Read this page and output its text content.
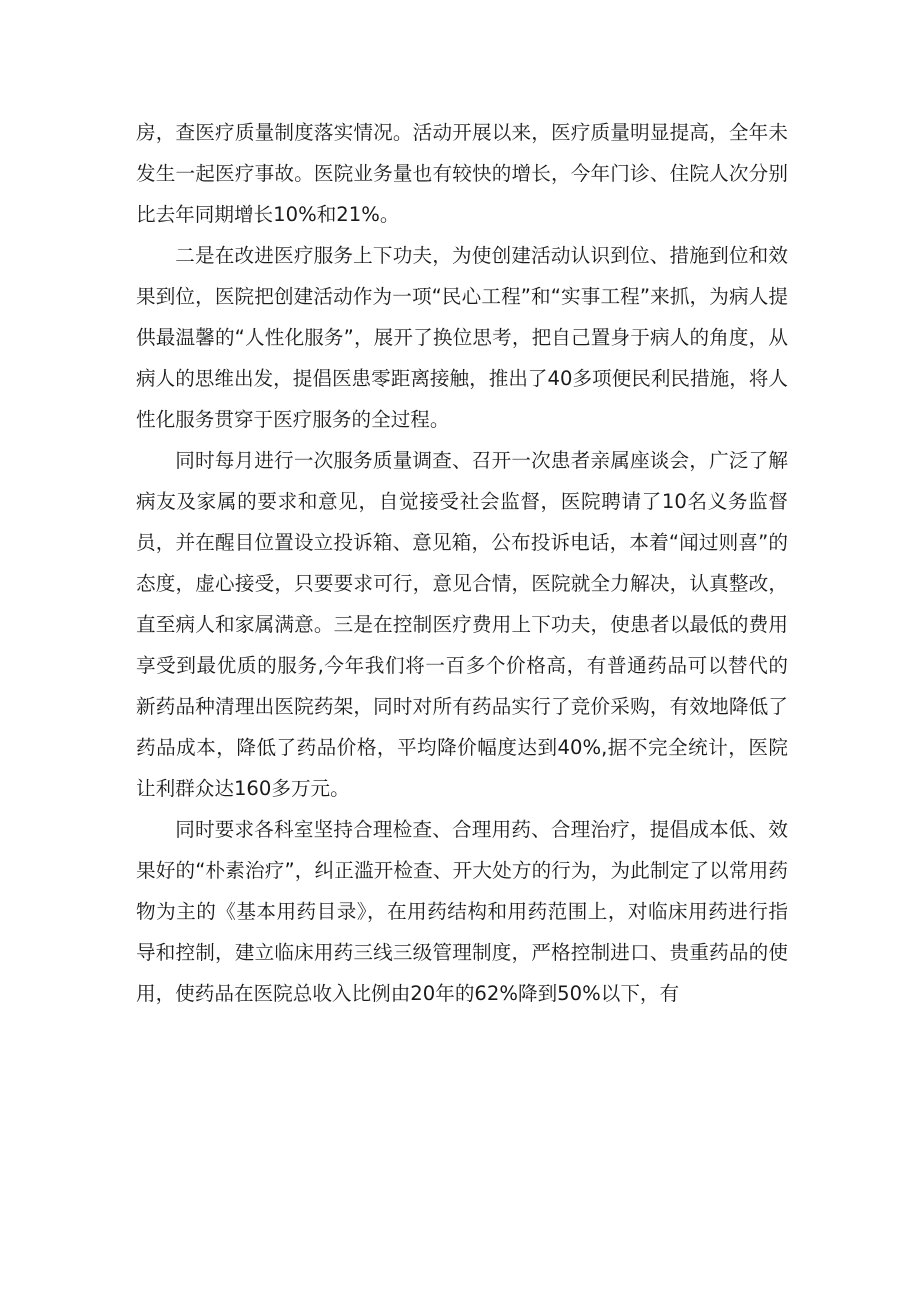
房，查医疗质量制度落实情况。活动开展以来，医疗质量明显提高，全年未发生一起医疗事故。医院业务量也有较快的增长，今年门诊、住院人次分别比去年同期增长10%和21%。

二是在改进医疗服务上下功夫，为使创建活动认识到位、措施到位和效果到位，医院把创建活动作为一项“民心工程”和“实事工程”来抓，为病人提供最温馨的“人性化服务”，展开了换位思考，把自己置身于病人的角度，从病人的思维出发，提倡医患零距离接触，推出了40多项便民利民措施，将人性化服务贯穿于医疗服务的全过程。

同时每月进行一次服务质量调查、召开一次患者亲属座谈会，广泛了解病友及家属的要求和意见，自觉接受社会监督，医院聘请了10名义务监督员，并在醒目位置设立投诉箱、意见箱，公布投诉电话，本着“闻过则喜”的态度，虚心接受，只要要求可行，意见合情，医院就全力解决，认真整改，直至病人和家属满意。三是在控制医疗费用上下功夫，使患者以最低的费用享受到最优质的服务,今年我们将一百多个价格高，有普通药品可以替代的新药品种清理出医院药架，同时对所有药品实行了竞价采购，有效地降低了药品成本，降低了药品价格，平均降价幅度达到40%,据不完全统计，医院让利群众达160多万元。

同时要求各科室坚持合理检查、合理用药、合理治疗，提倡成本低、效果好的“朴素治疗”，纠正滥开检查、开大处方的行为，为此制定了以常用药物为主的《基本用药目录》，在用药结构和用药范围上，对临床用药进行指导和控制，建立临床用药三线三级管理制度，严格控制进口、贵重药品的使用，使药品在医院总收入比例由20年的62%降到50%以下，有
